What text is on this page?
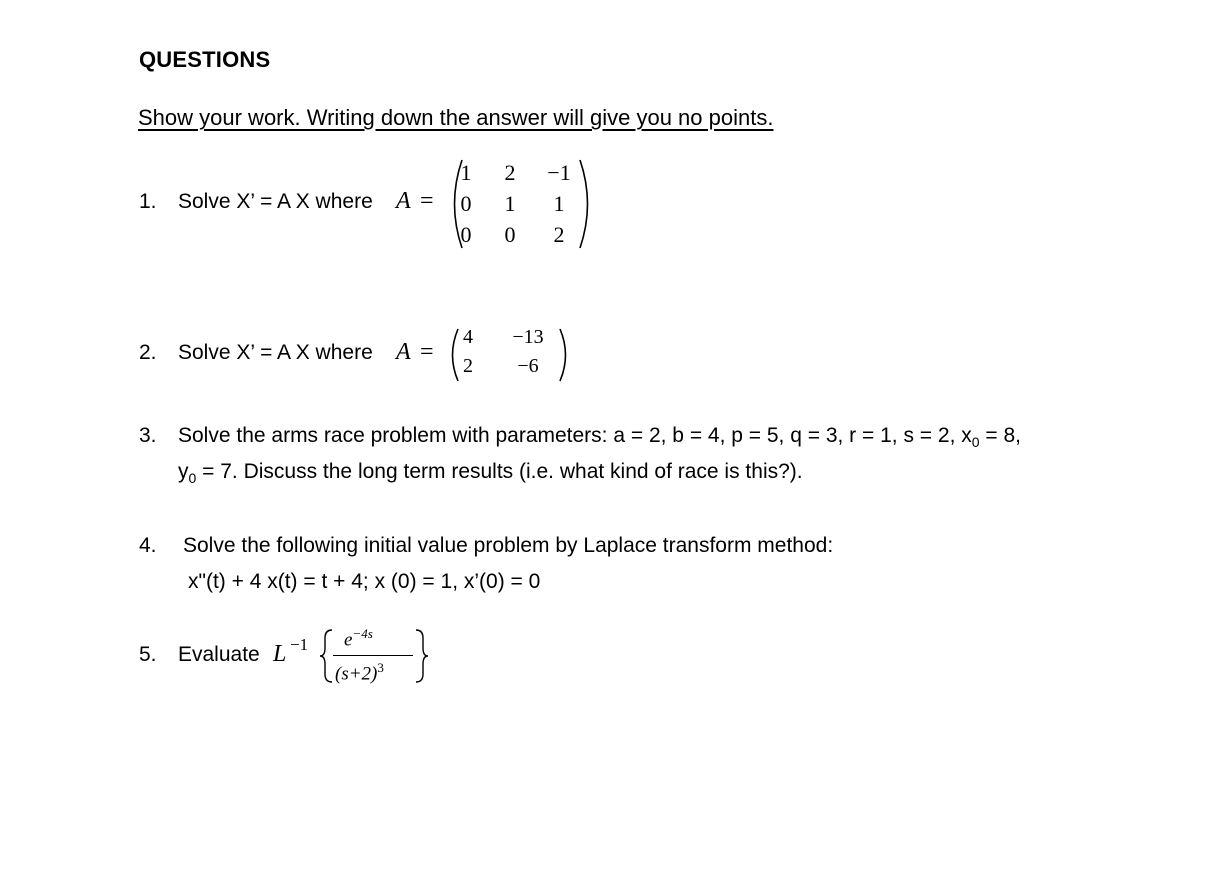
QUESTIONS
Show your work. Writing down the answer will give you no points.
1. Solve X’ = A X where A =
1	2	−1
0	1	1
0	0	2
2. Solve X’ = A X where A =
4	−13
2	−6
3. Solve the arms race problem with parameters: a = 2, b = 4, p = 5, q = 3, r = 1, s = 2, $x_0 = 8$,
$y_0 = 7$. Discuss the long term results (i.e. what kind of race is this?).
4. Solve the following initial value problem by Laplace transform method:
x"(t) + 4 x(t) = t + 4; x (0) = 1, x’(0) = 0
5. Evaluate L −1 $e^{-4s}$
$(s+2)^3$
